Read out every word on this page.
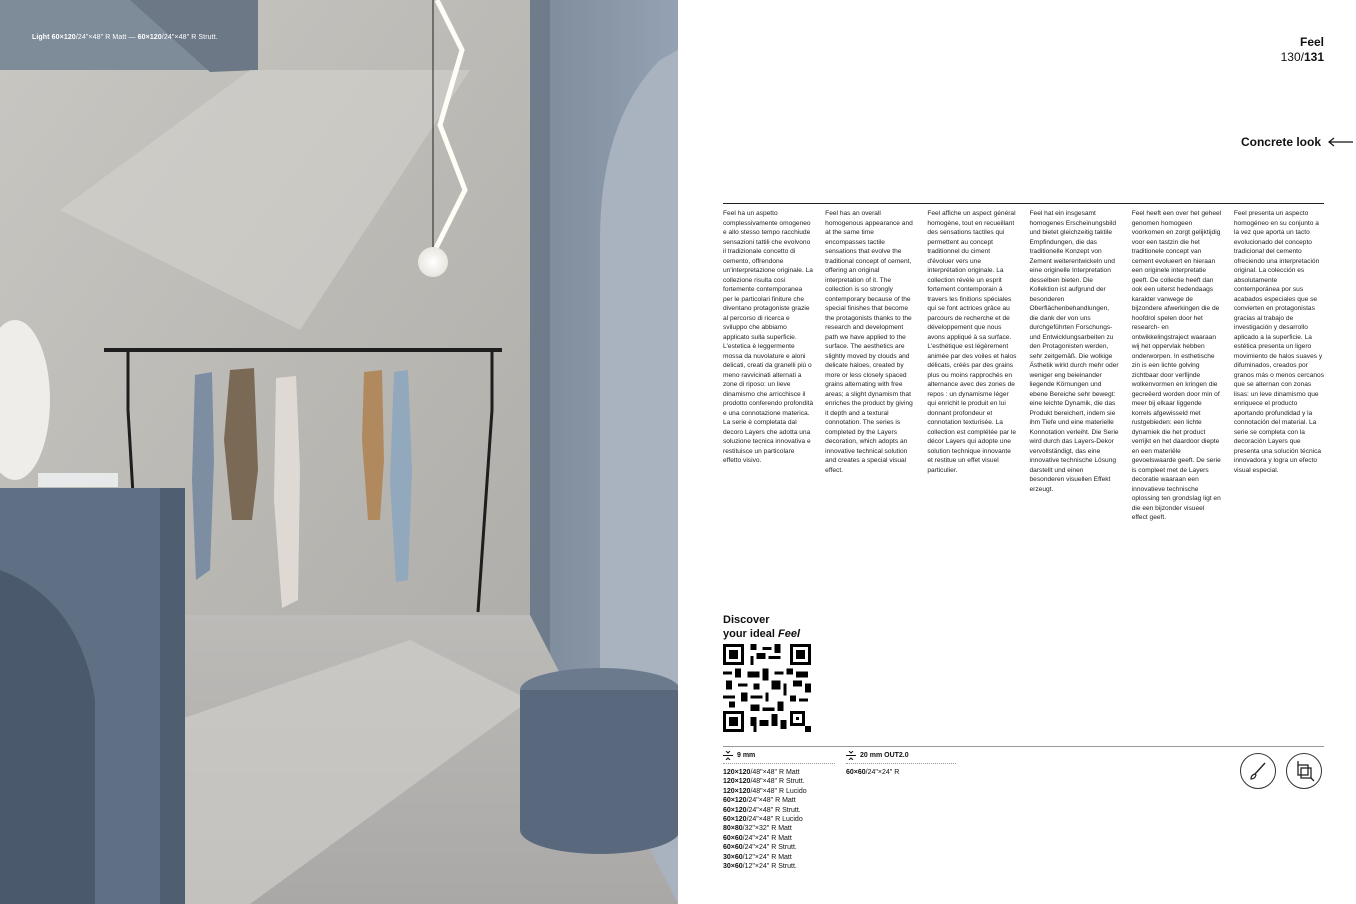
Light 60×120/24"×48" R Matt — 60×120/24"×48" R Strutt.	Feel
130/131
Concrete look
Feel ha un aspetto complessivamente omogeneo e allo stesso tempo racchiude sensazioni tattili che evolvono il tradizionale concetto di cemento, offrendone un'interpretazione originale. La collezione risulta così fortemente contemporanea per le particolari finiture che diventano protagoniste grazie al percorso di ricerca e sviluppo che abbiamo applicato sulla superficie. L'estetica è leggermente mossa da nuvolature e aloni delicati, creati da granelli più o meno ravvicinati alternati a zone di riposo: un lieve dinamismo che arricchisce il prodotto conferendo profondità e una connotazione materica. La serie è completata dal decoro Layers che adotta una soluzione tecnica innovativa e restituisce un particolare effetto visivo.
Feel has an overall homogenous appearance and at the same time encompasses tactile sensations that evolve the traditional concept of cement, offering an original interpretation of it. The collection is so strongly contemporary because of the special finishes that become the protagonists thanks to the research and development path we have applied to the surface. The aesthetics are slightly moved by clouds and delicate haloes, created by more or less closely spaced grains alternating with free areas; a slight dynamism that enriches the product by giving it depth and a textural connotation. The series is completed by the Layers decoration, which adopts an innovative technical solution and creates a special visual effect.
Feel affiche un aspect général homogène, tout en recueillant des sensations tactiles qui permettent au concept traditionnel du ciment d'évoluer vers une interprétation originale. La collection révèle un esprit fortement contemporain à travers les finitions spéciales qui se font actrices grâce au parcours de recherche et de développement que nous avons appliqué à sa surface. L'esthétique est légèrement animée par des voiles et halos délicats, créés par des grains plus ou moins rapprochés en alternance avec des zones de repos : un dynamisme léger qui enrichit le produit en lui donnant profondeur et connotation texturisée. La collection est complétée par le décor Layers qui adopte une solution technique innovante et restitue un effet visuel particulier.
Feel hat ein insgesamt homogenes Erscheinungsbild und bietet gleichzeitig taktile Empfindungen, die das traditionelle Konzept von Zement weiterentwickeln und eine originelle Interpretation desselben bieten. Die Kollektion ist aufgrund der besonderen Oberflächenbehandlungen, die dank der von uns durchgeführten Forschungs- und Entwicklungsarbeiten zu den Protagonisten werden, sehr zeitgemäß. Die wolkige Ästhetik wirkt durch mehr oder weniger eng beieinander liegende Körnungen und ebene Bereiche sehr bewegt: eine leichte Dynamik, die das Produkt bereichert, indem sie ihm Tiefe und eine materielle Konnotation verleiht. Die Serie wird durch das Layers-Dekor vervollständigt, das eine innovative technische Lösung darstellt und einen besonderen visuellen Effekt erzeugt.
Feel heeft een over het geheel genomen homogeen voorkomen en zorgt gelijktijdig voor een tastzin die het traditionele concept van cement evolueert en hieraan een originele interpretatie geeft. De collectie heeft dan ook een uiterst hedendaags karakter vanwege de bijzondere afwerkingen die de hoofdrol spelen door het research- en ontwikkelingstraject waaraan wij het oppervlak hebben onderworpen. In esthetische zin is een lichte golving zichtbaar door verfijnde wolkenvormen en kringen die gecreëerd worden door min of meer bij elkaar liggende korrels afgewisseld met rustgebieden: een lichte dynamiek die het product verrijkt en het daardoor diepte en een materiële gevoelswaarde geeft. De serie is compleet met de Layers decoratie waaraan een innovatieve technische oplossing ten grondslag ligt en die een bijzonder visueel effect geeft.
Feel presenta un aspecto homogéneo en su conjunto a la vez que aporta un tacto evolucionado del concepto tradicional del cemento ofreciendo una interpretación original. La colección es absolutamente contemporánea por sus acabados especiales que se convierten en protagonistas gracias al trabajo de investigación y desarrollo aplicado a la superficie. La estética presenta un ligero movimiento de halos suaves y difuminados, creados por granos más o menos cercanos que se alternan con zonas lisas: un leve dinamismo que enriquece el producto aportando profundidad y la connotación del material. La serie se completa con la decoración Layers que presenta una solución técnica innovadora y logra un efecto visual especial.
Discover
your ideal Feel
9 mm	20 mm OUT2.0
120×120/48"×48" R Matt
120×120/48"×48" R Strutt.
120×120/48"×48" R Lucido
60×120/24"×48" R Matt
60×120/24"×48" R Strutt.
60×120/24"×48" R Lucido
80×80/32"×32" R Matt
60×60/24"×24" R Matt
60×60/24"×24" R Strutt.
30×60/12"×24" R Matt
30×60/12"×24" R Strutt.
60×60/24"×24" R
